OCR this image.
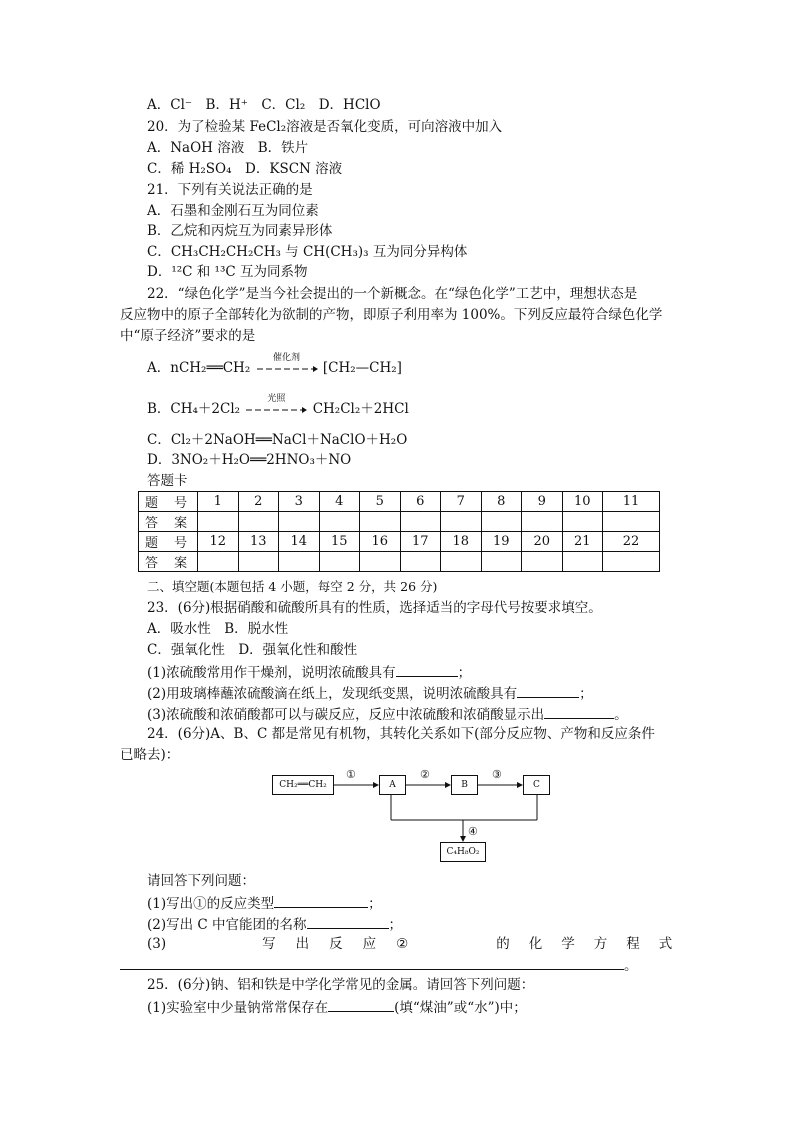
A．Cl⁻　B．H⁺　C．Cl₂　D．HClO
20．为了检验某 FeCl₂溶液是否氧化变质，可向溶液中加入
A．NaOH 溶液　B．铁片
C．稀 H₂SO₄　D．KSCN 溶液
21．下列有关说法正确的是
A．石墨和金刚石互为同位素
B．乙烷和丙烷互为同素异形体
C．CH₃CH₂CH₂CH₃ 与 CH(CH₃)₃ 互为同分异构体
D．¹²C 和 ¹³C 互为同系物
22．“绿色化学”是当今社会提出的一个新概念。在“绿色化学”工艺中，理想状态是
反应物中的原子全部转化为欲制的产物，即原子利用率为 100%。下列反应最符合绿色化学
中“原子经济”要求的是
A．nCH₂══CH₂
催化剂
[CH₂—CH₂]
B．CH₄＋2Cl₂
光照
CH₂Cl₂＋2HCl
C．Cl₂＋2NaOH══NaCl＋NaClO＋H₂O
D．3NO₂＋H₂O══2HNO₃＋NO
答题卡
题 号	1	2	3	4	5	6	7	8	9	10	11
答 案											
题 号	12	13	14	15	16	17	18	19	20	21	22
答 案											
二、填空题(本题包括 4 小题，每空 2 分，共 26 分)
23．(6分)根据硝酸和硫酸所具有的性质，选择适当的字母代号按要求填空。
A．吸水性　B．脱水性
C．强氧化性　D．强氧化性和酸性
(1)浓硫酸常用作干燥剂，说明浓硫酸具有	；
(2)用玻璃棒蘸浓硫酸滴在纸上，发现纸变黑，说明浓硫酸具有	；
(3)浓硫酸和浓硝酸都可以与碳反应，反应中浓硫酸和浓硝酸显示出	。
24．(6分)A、B、C 都是常见有机物，其转化关系如下(部分反应物、产物和反应条件
已略去)：
CH₂══CH₂	A	B	C
C₄H₈O₂
①	②	③
④
请回答下列问题：
(1)写出①的反应类型	；
(2)写出 C 中官能团的名称	；
(3)	写 出 反 应 ②	的 化 学 方 程 式
。
25．(6分)钠、铝和铁是中学化学常见的金属。请回答下列问题：
(1)实验室中少量钠常常保存在	(填“煤油”或“水”)中；
